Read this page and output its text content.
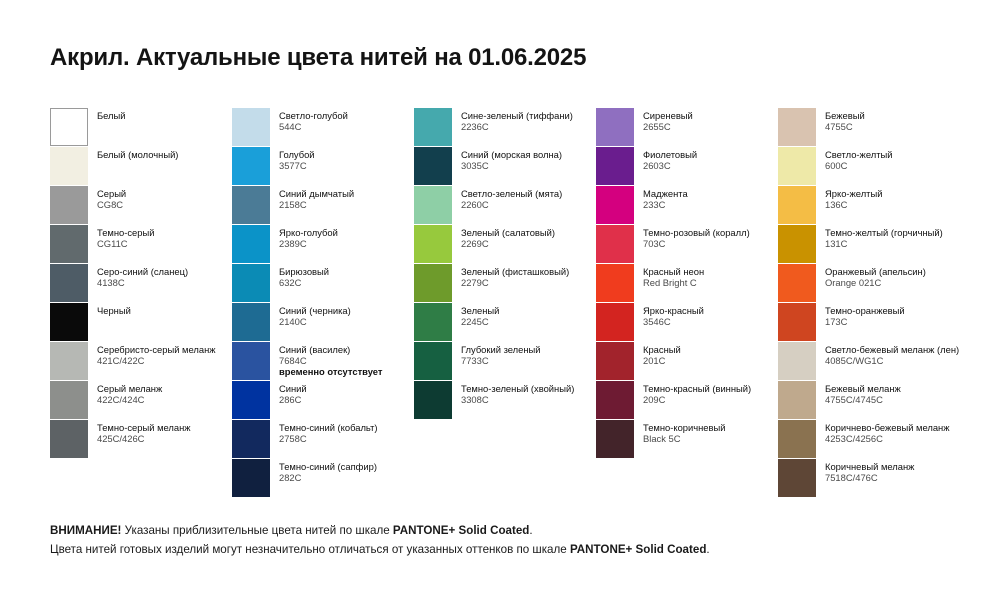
Акрил. Актуальные цвета нитей на 01.06.2025
Белый
Белый (молочный)
Серый
CG8C
Темно-серый
CG11C
Серо-синий (сланец)
4138C
Черный
Серебристо-серый меланж
421C/422C
Серый меланж
422C/424C
Темно-серый меланж
425C/426C
Светло-голубой
544C
Голубой
3577C
Синий дымчатый
2158C
Ярко-голубой
2389C
Бирюзовый
632C
Синий (черника)
2140C
Синий (василек)
7684C
временно отсутствует
Синий
286C
Темно-синий (кобальт)
2758C
Темно-синий (сапфир)
282C
Сине-зеленый (тиффани)
2236C
Синий (морская волна)
3035C
Светло-зеленый (мята)
2260C
Зеленый (салатовый)
2269C
Зеленый (фисташковый)
2279C
Зеленый
2245C
Глубокий зеленый
7733C
Темно-зеленый (хвойный)
3308C
Сиреневый
2655C
Фиолетовый
2603C
Маджента
233C
Темно-розовый (коралл)
703C
Красный неон
Red Bright C
Ярко-красный
3546C
Красный
201C
Темно-красный (винный)
209C
Темно-коричневый
Black 5C
Бежевый
4755C
Светло-желтый
600C
Ярко-желтый
136C
Темно-желтый (горчичный)
131C
Оранжевый (апельсин)
Orange 021C
Темно-оранжевый
173C
Светло-бежевый меланж (лен)
4085C/WG1C
Бежевый меланж
4755C/4745C
Коричнево-бежевый меланж
4253C/4256C
Коричневый меланж
7518C/476C
ВНИМАНИЕ! Указаны приблизительные цвета нитей по шкале PANTONE+ Solid Coated.
Цвета нитей готовых изделий могут незначительно отличаться от указанных оттенков по шкале PANTONE+ Solid Coated.
